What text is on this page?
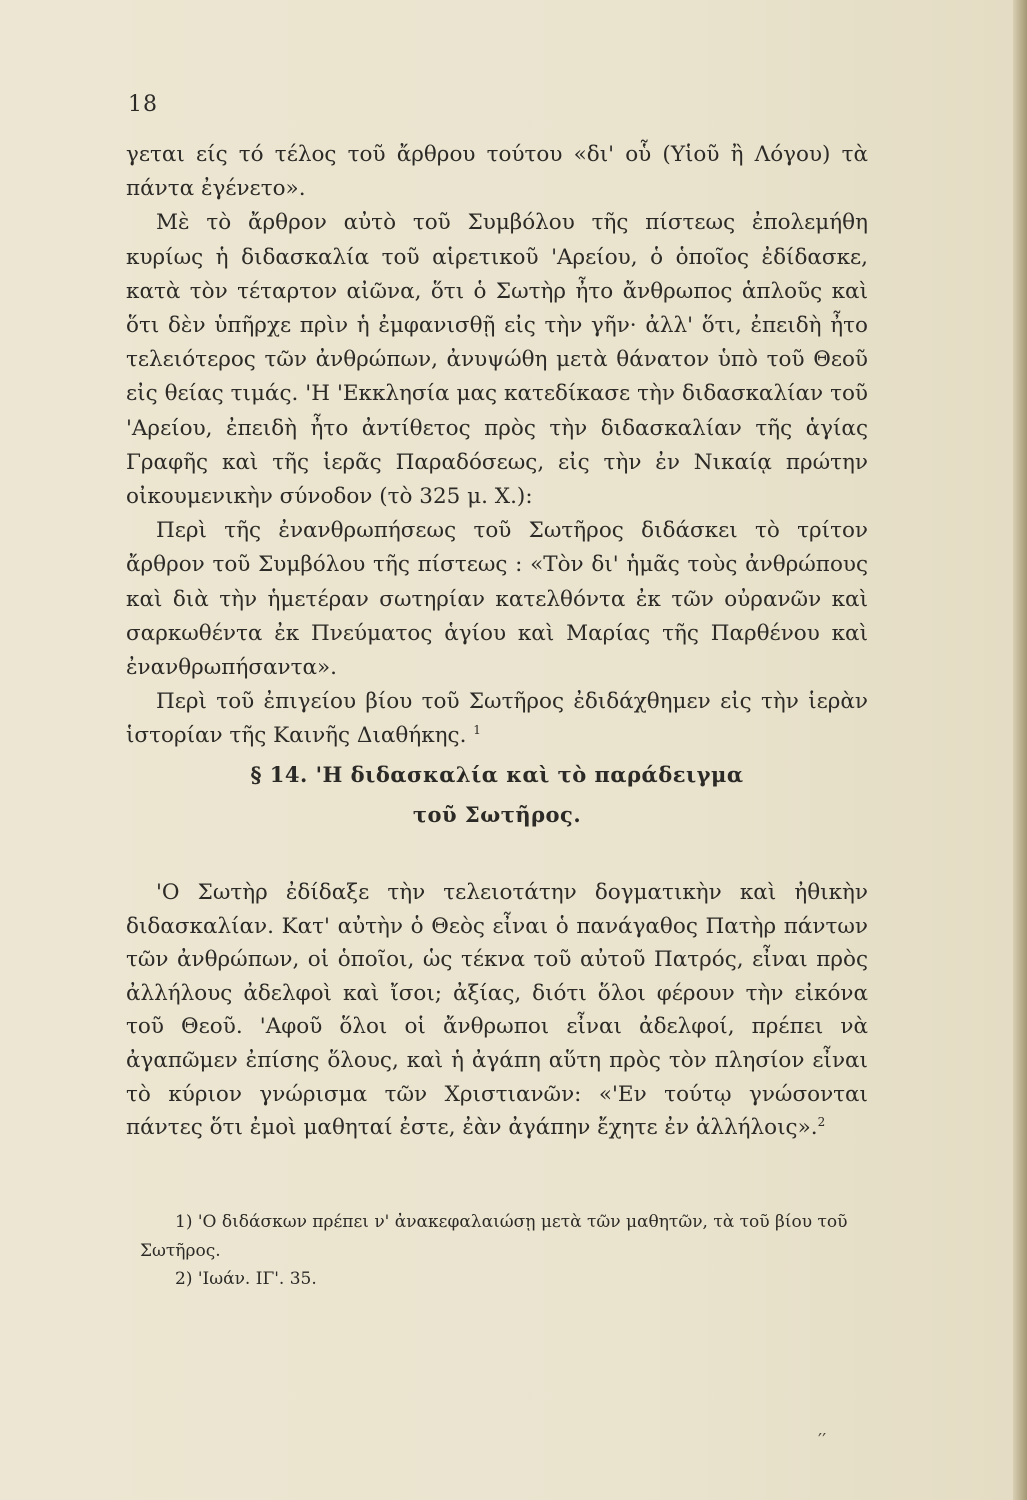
18

γεται είς τό τέλος τοῦ ἄρθρου τούτου «δι' οὗ (Υἱοῦ ἢ Λόγου) τὰ πάντα ἐγένετο».

Μὲ τὸ ἄρθρον αὐτὸ τοῦ Συμβόλου τῆς πίστεως ἐπολεμήθη κυρίως ἡ διδασκαλία τοῦ αἱρετικοῦ 'Αρείου, ὁ ὁποῖος ἐδίδασκε, κατὰ τὸν τέταρτον αἰῶνα, ὅτι ὁ Σωτὴρ ἦτο ἄνθρωπος ἁπλοῦς καὶ ὅτι δὲν ὑπῆρχε πρὶν ἡ ἐμφανισθῇ εἰς τὴν γῆν· ἀλλ' ὅτι, ἐπειδὴ ἦτο τελειότερος τῶν ἀνθρώπων, ἀνυψώθη μετὰ θάνατον ὑπὸ τοῦ Θεοῦ εἰς θείας τιμάς. 'Η 'Εκκλησία μας κατεδίκασε τὴν διδασκαλίαν τοῦ 'Αρείου, ἐπειδὴ ἦτο ἀντίθετος πρὸς τὴν διδασκαλίαν τῆς ἁγίας Γραφῆς καὶ τῆς ἱερᾶς Παραδόσεως, εἰς τὴν ἐν Νικαίᾳ πρώτην οἰκουμενικὴν σύνοδον (τὸ 325 μ. Χ.):

Περὶ τῆς ἐνανθρωπήσεως τοῦ Σωτῆρος διδάσκει τὸ τρίτον ἄρθρον τοῦ Συμβόλου τῆς πίστεως : «Τὸν δι' ἡμᾶς τοὺς ἀνθρώπους καὶ διὰ τὴν ἡμετέραν σωτηρίαν κατελθόντα ἐκ τῶν οὐρανῶν καὶ σαρκωθέντα ἐκ Πνεύματος ἁγίου καὶ Μαρίας τῆς Παρθένου καὶ ἐνανθρωπήσαντα».

Περὶ τοῦ ἐπιγείου βίου τοῦ Σωτῆρος ἐδιδάχθημεν εἰς τὴν ἱερὰν ἱστορίαν τῆς Καινῆς Διαθήκης. $^1$

§ 14. 'Η διδασκαλία καὶ τὸ παράδειγμα
τοῦ Σωτῆρος.

'Ο Σωτὴρ ἐδίδαξε τὴν τελειοτάτην δογματικὴν καὶ ἠθικὴν διδασκαλίαν. Κατ' αὐτὴν ὁ Θεὸς εἶναι ὁ πανάγαθος Πατὴρ πάντων τῶν ἀνθρώπων, οἱ ὁποῖοι, ὡς τέκνα τοῦ αὐτοῦ Πατρός, εἶναι πρὸς ἀλλήλους ἀδελφοὶ καὶ ἴσοι; ἀξίας, διότι ὅλοι φέρουν τὴν εἰκόνα τοῦ Θεοῦ. 'Αφοῦ ὅλοι οἱ ἄνθρωποι εἶναι ἀδελφοί, πρέπει νὰ ἀγαπῶμεν ἐπίσης ὅλους, καὶ ἡ ἀγάπη αὕτη πρὸς τὸν πλησίον εἶναι τὸ κύριον γνώρισμα τῶν Χριστιανῶν: «'Εν τούτῳ γνώσονται πάντες ὅτι ἐμοὶ μαθηταί ἐστε, ἐὰν ἀγάπην ἔχητε ἐν ἀλλήλοις».$^2$

1) 'Ο διδάσκων πρέπει ν' ἀνακεφαλαιώσῃ μετὰ τῶν μαθητῶν, τὰ τοῦ βίου τοῦ Σωτῆρος.

2) 'Ιωάν. ΙΓ'. 35.

′′
